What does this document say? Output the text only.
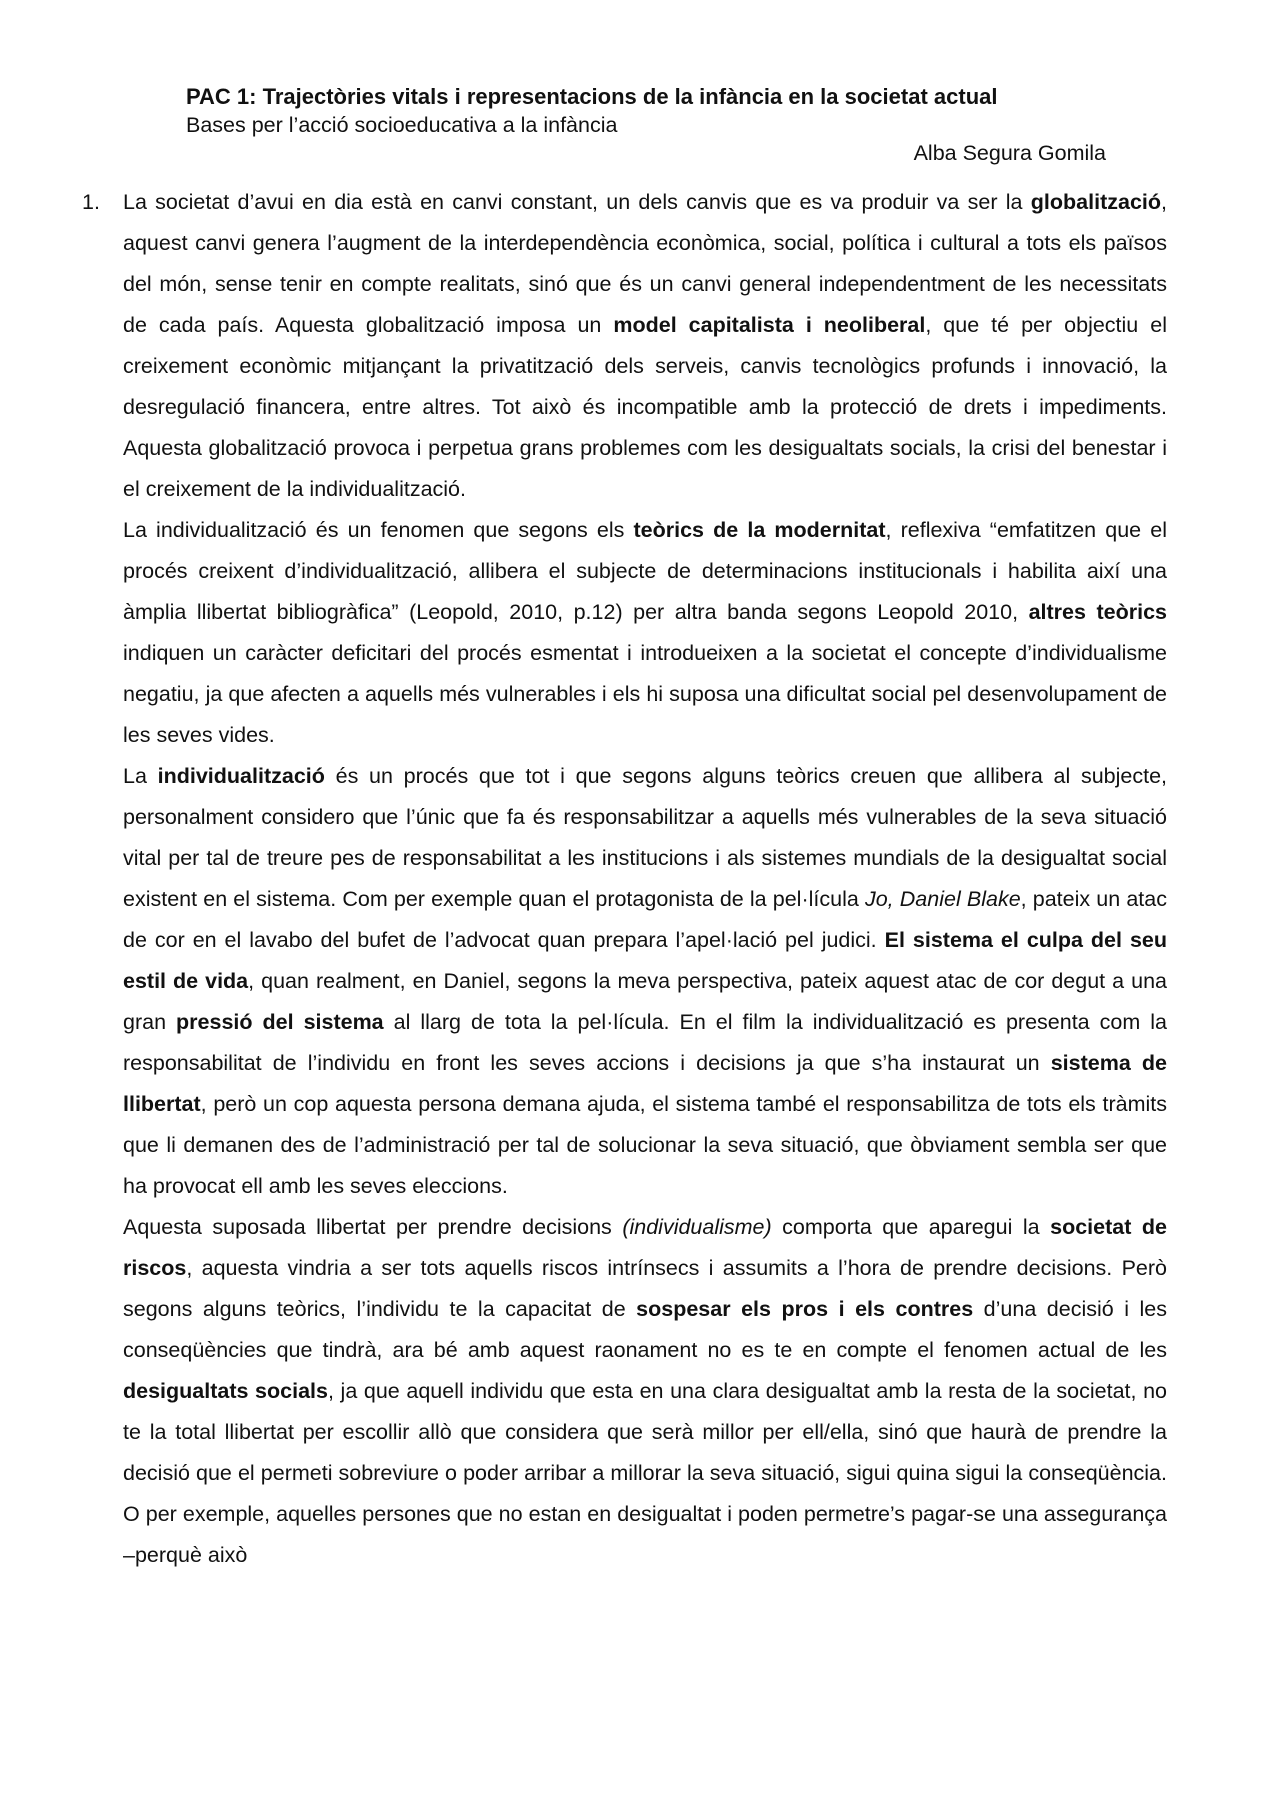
PAC 1: Trajectòries vitals i representacions de la infància en la societat actual
Bases per l’acció socioeducativa a la infància
Alba Segura Gomila
1. La societat d’avui en dia està en canvi constant, un dels canvis que es va produir va ser la globalització, aquest canvi genera l’augment de la interdependència econòmica, social, política i cultural a tots els països del món, sense tenir en compte realitats, sinó que és un canvi general independentment de les necessitats de cada país. Aquesta globalització imposa un model capitalista i neoliberal, que té per objectiu el creixement econòmic mitjançant la privatització dels serveis, canvis tecnològics profunds i innovació, la desregulació financera, entre altres. Tot això és incompatible amb la protecció de drets i impediments. Aquesta globalització provoca i perpetua grans problemes com les desigualtats socials, la crisi del benestar i el creixement de la individualització.

La individualització és un fenomen que segons els teòrics de la modernitat, reflexiva “emfatitzen que el procés creixent d’individualització, allibera el subjecte de determinacions institucionals i habilita així una àmplia llibertat bibliogràfica” (Leopold, 2010, p.12) per altra banda segons Leopold 2010, altres teòrics indiquen un caràcter deficitari del procés esmentat i introdueixen a la societat el concepte d’individualisme negatiu, ja que afecten a aquells més vulnerables i els hi suposa una dificultat social pel desenvolupament de les seves vides.

La individualització és un procés que tot i que segons alguns teòrics creuen que allibera al subjecte, personalment considero que l’únic que fa és responsabilitzar a aquells més vulnerables de la seva situació vital per tal de treure pes de responsabilitat a les institucions i als sistemes mundials de la desigualtat social existent en el sistema. Com per exemple quan el protagonista de la pel·lícula Jo, Daniel Blake, pateix un atac de cor en el lavabo del bufet de l’advocat quan prepara l’apel·lació pel judici. El sistema el culpa del seu estil de vida, quan realment, en Daniel, segons la meva perspectiva, pateix aquest atac de cor degut a una gran pressió del sistema al llarg de tota la pel·lícula. En el film la individualització es presenta com la responsabilitat de l’individu en front les seves accions i decisions ja que s’ha instaurat un sistema de llibertat, però un cop aquesta persona demana ajuda, el sistema també el responsabilitza de tots els tràmits que li demanen des de l’administració per tal de solucionar la seva situació, que òbviament sembla ser que ha provocat ell amb les seves eleccions.

Aquesta suposada llibertat per prendre decisions (individualisme) comporta que aparegui la societat de riscos, aquesta vindria a ser tots aquells riscos intrínsecs i assumits a l’hora de prendre decisions. Però segons alguns teòrics, l’individu te la capacitat de sospesar els pros i els contres d’una decisió i les conseqüències que tindrà, ara bé amb aquest raonament no es te en compte el fenomen actual de les desigualtats socials, ja que aquell individu que esta en una clara desigualtat amb la resta de la societat, no te la total llibertat per escollir allò que considera que serà millor per ell/ella, sinó que haurà de prendre la decisió que el permeti sobreviure o poder arribar a millorar la seva situació, sigui quina sigui la conseqüència. O per exemple, aquelles persones que no estan en desigualtat i poden permetre’s pagar-se una assegurança –perquè això
